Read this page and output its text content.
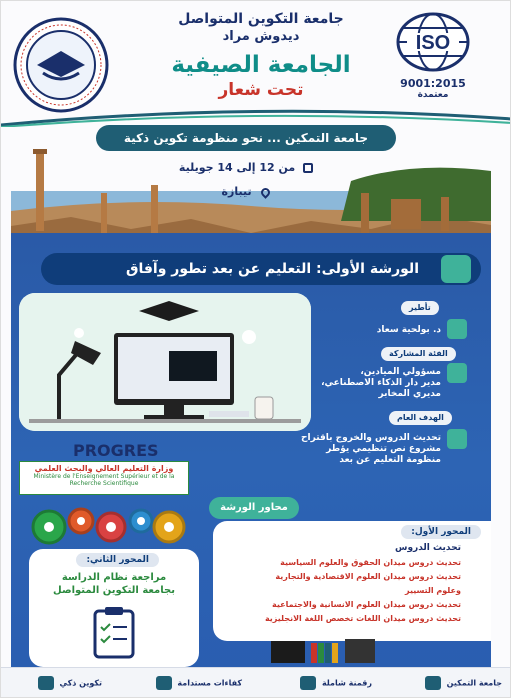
ISO
9001:2015
معتمدة
جامعة التكوين المتواصل
ديدوش مراد
الجامعة الصيفية
تحت شعار
جامعة التمكين ... نحو منظومة تكوين ذكية
من 12 إلى 14 جويلية
تيبازة
الورشة الأولى: التعليم عن بعد تطور وآفاق
تأطير
د. بولحية سعاد
الفئة المشاركة
مسؤولي الميادين،
مدير دار الذكاء الاصطناعي،
مديري المخابر
الهدف العام
تحديث الدروس والخروج باقتراح
مشروع نص تنظيمي يؤطر
منظومة التعليم عن بعد
PROGRES
وزارة التعليم العالي والبحث العلمي
Ministère de l'Enseignement Supérieur et de la Recherche Scientifique
محاور الورشة
المحور الأول:
تحديث الدروس
تحديث دروس ميدان الحقوق والعلوم السياسية
تحديث دروس ميدان العلوم الاقتصادية والتجارية
وعلوم التسيير
تحديث دروس ميدان العلوم الانسانية والاجتماعية
تحديث دروس ميدان اللغات تخصص اللغة الانجليزية
المحور الثاني:
مراجعة نظام الدراسة
بجامعة التكوين المتواصل
جامعة التمكين
رقمنة شاملة
كفاءات مستدامة
تكوين ذكي
